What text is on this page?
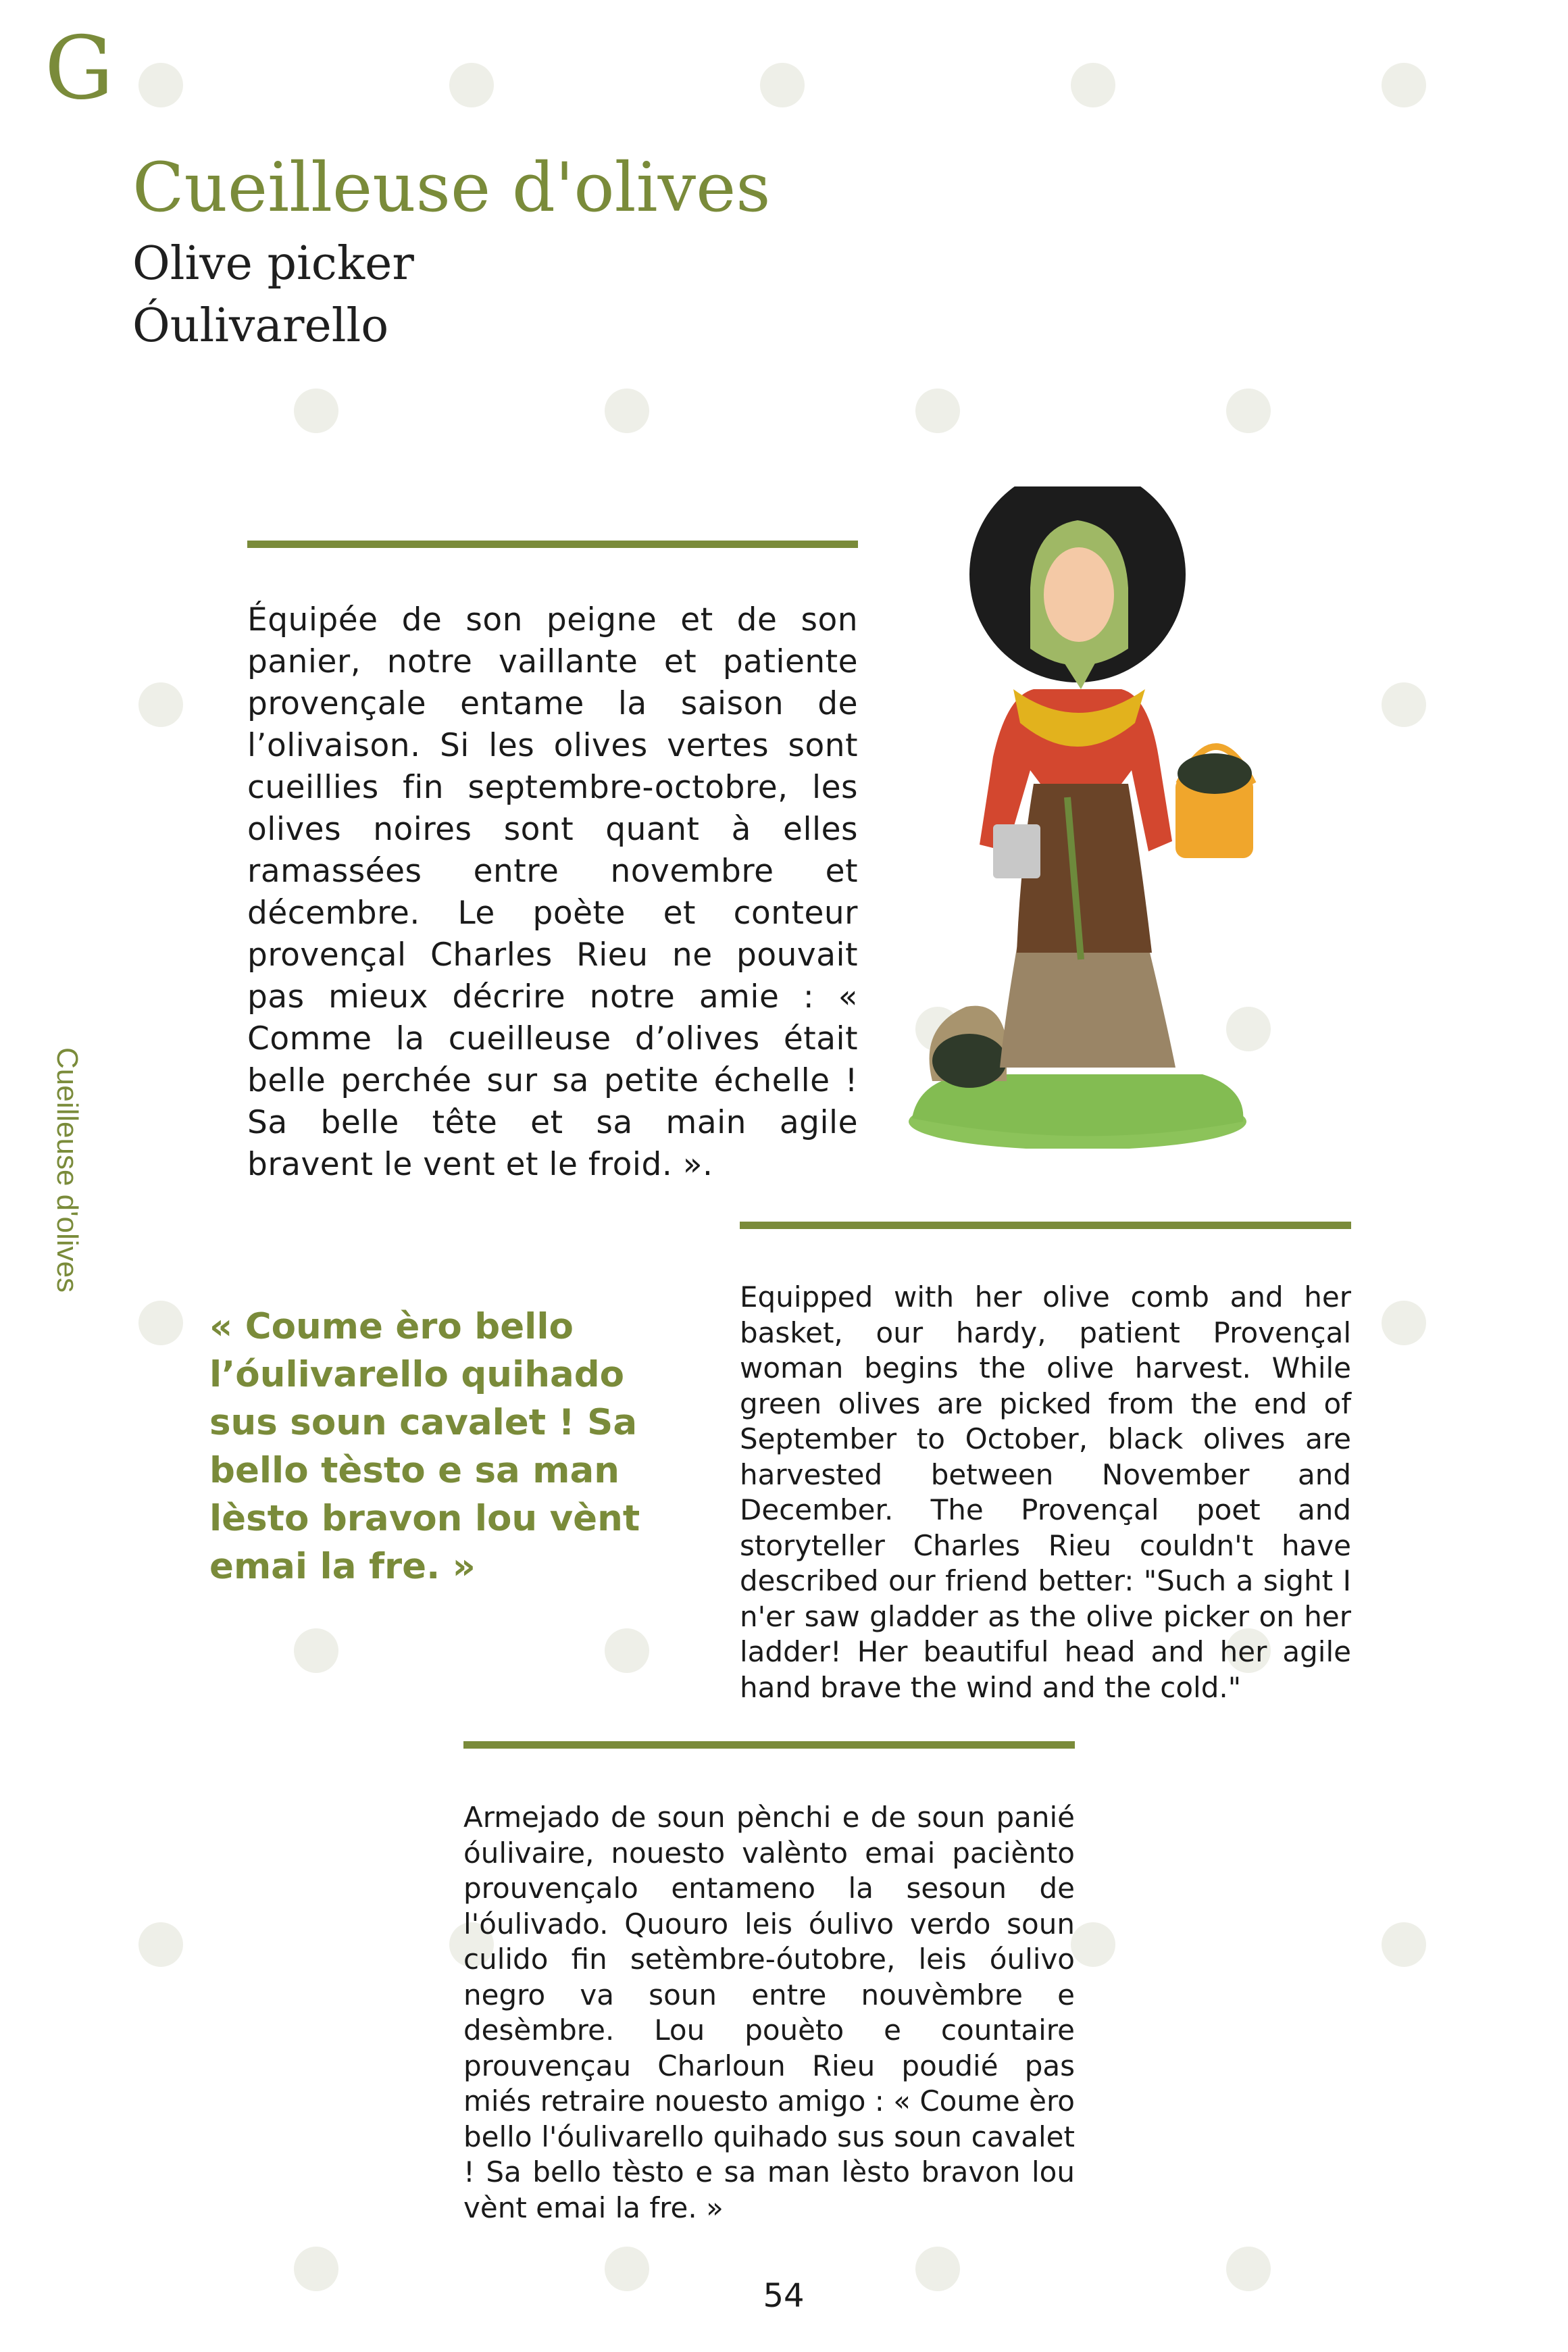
G
Cueilleuse d'olives
Olive picker
Óulivarello
Cueilleuse d'olives

Équipée de son peigne et de son panier, notre vaillante et patiente provençale entame la saison de l’olivaison. Si les olives vertes sont cueillies fin septembre-octobre, les olives noires sont quant à elles ramassées entre novembre et décembre. Le poète et conteur provençal Charles Rieu ne pouvait pas mieux décrire notre amie : « Comme la cueilleuse d’olives était belle perchée sur sa petite échelle ! Sa belle tête et sa main agile bravent le vent et le froid. ».

« Coume èro bello l’óulivarello quihado sus soun cavalet ! Sa bello tèsto e sa man lèsto bravon lou vènt emai la fre. »

Equipped with her olive comb and her basket, our hardy, patient Provençal woman begins the olive harvest. While green olives are picked from the end of September to October, black olives are harvested between November and December. The Provençal poet and storyteller Charles Rieu couldn't have described our friend better: "Such a sight I n'er saw gladder as the olive picker on her ladder! Her beautiful head and her agile hand brave the wind and the cold."

Armejado de soun pènchi e de soun panié óulivaire, nouesto valènto emai paciènto prouvençalo entameno la sesoun de l'óulivado. Quouro leis óulivo verdo soun culido fin setèmbre-óutobre, leis óulivo negro va soun entre nouvèmbre e desèmbre. Lou pouèto e countaire prouvençau Charloun Rieu poudié pas miés retraire nouesto amigo : « Coume èro bello l'óulivarello quihado sus soun cavalet ! Sa bello tèsto e sa man lèsto bravon lou vènt emai la fre. »

54
